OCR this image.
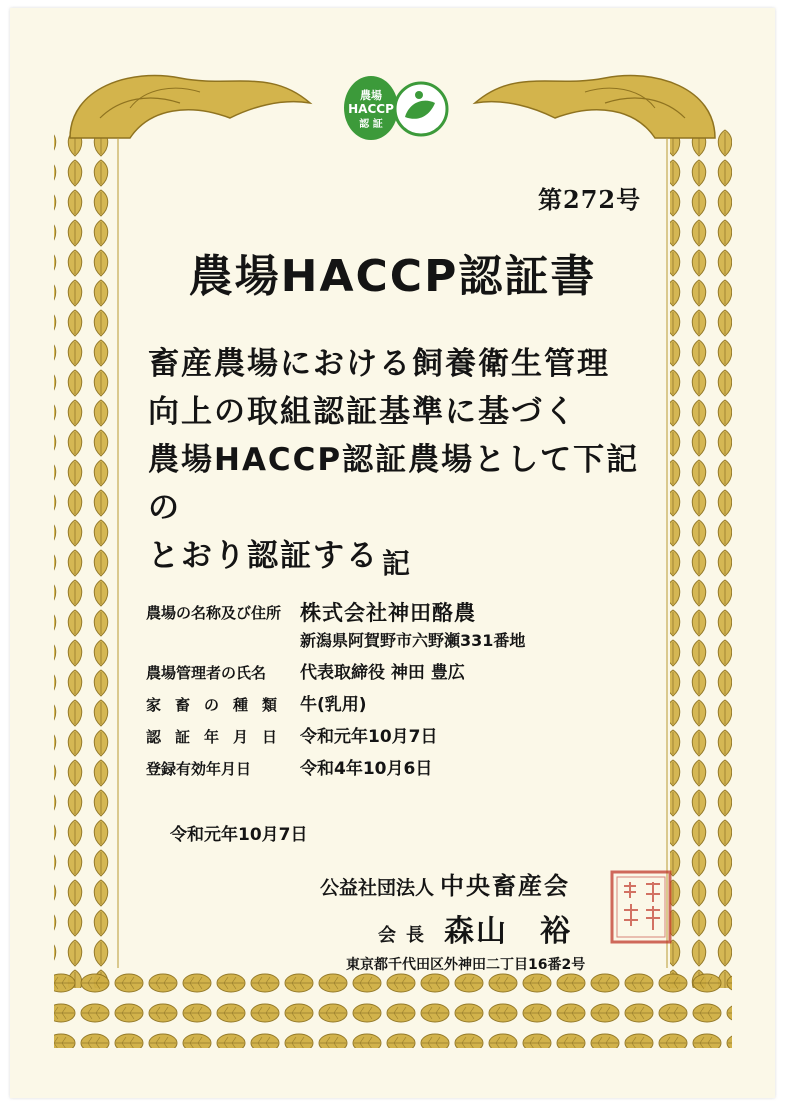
農場
HACCP
認 証
第272号
農場HACCP認証書
畜産農場における飼養衛生管理
向上の取組認証基準に基づく
農場HACCP認証農場として下記の
とおり認証する 記
農場の名称及び住所 株式会社神田酪農
新潟県阿賀野市六野瀬331番地
農場管理者の氏名	代表取締役 神田 豊広
家畜の種類 牛(乳用)
認証年月日 令和元年10月7日
登録有効年月日	令和4年10月6日
令和元年10月7日
公益社団法人 中央畜産会
会長 森山　裕
東京都千代田区外神田二丁目16番2号
